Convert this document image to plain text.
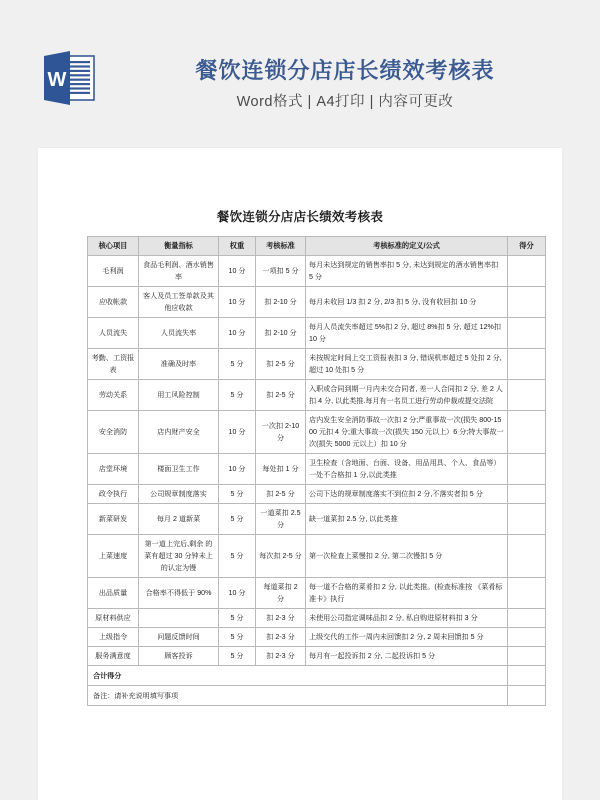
W	餐饮连锁分店店长绩效考核表
Word格式 | A4打印 | 内容可更改
餐饮连锁分店店长绩效考核表
核心项目	衡量指标	权重	考核标准	考核标准的定义/公式	得分
毛利润	食品毛利润、酒水销售率	10 分	一项扣 5 分	每月未达到规定的销售率扣 5 分, 未达到规定的酒水销售率扣 5 分	
应收帐款	客人及员工签单款及其他应收款	10 分	扣 2-10 分	每月未收回 1/3 扣 2 分, 2/3 扣 5 分, 没有收回扣 10 分	
人员流失	人员流失率	10 分	扣 2-10 分	每月人员流失率超过 5%扣 2 分, 超过 8%扣 5 分, 超过 12%扣 10 分	
考勤、工资报表	准确及时率	5 分	扣 2-5 分	未按规定时间上交工资报表扣 3 分, 错误机率超过 5 处扣 2 分, 超过 10 处扣 5 分	
劳动关系	用工风险控制	5 分	扣 2-5 分	入职或合同到期一月内未交合同者, 差一人合同扣 2 分, 差 2 人扣 4 分, 以此类推.每月有一名员工进行劳动仲裁或提交法院	
安全消防	店内财产安全	10 分	一次扣 2-10 分	店内发生安全消防事故一次扣 2 分;严重事故一次(损失 800-1500 元扣 4 分;重大事故一次(损失 150 元以上）6 分;特大事故一次(损失 5000 元以上）扣 10 分	
店堂环境	楼面卫生工作	10 分	每处扣 1 分	卫生检查（含地面、台面、设备、用品用具、个人、食品等）一处不合格扣 1 分,以此类推	
政令执行	公司规章制度落实	5 分	扣 2-5 分	公司下达的规章制度落实不到位扣 2 分,不落实者扣 5 分	
新菜研发	每月 2 道新菜	5 分	一道菜扣 2.5 分	缺一道菜扣 2.5 分, 以此类推	
上菜速度	第一道上完后,剩余 的菜有超过 30 分钟未上的认定为慢	5 分	每次扣 2-5 分	第一次检查上菜慢扣 2 分, 第二次慢扣 5 分	
出品质量	合格率不得低于 90%	10 分	每道菜扣 2 分	每一道不合格的菜肴扣 2 分, 以此类推。(检查标准按 《菜肴标准卡》执行	
原材料供应		5 分	扣 2-3 分	未使用公司指定调味品扣 2 分, 私自购进原材料扣 3 分	
上级指令	问题反馈时间	5 分	扣 2-3 分	上级交代的工作一周内未回馈扣 2 分, 2 周未回馈扣 5 分	
服务满意度	顾客投诉	5 分	扣 2-3 分	每月有一起投诉扣 2 分, 二起投诉扣 5 分	
合计得分					
备注：请补充说明填写事项					
